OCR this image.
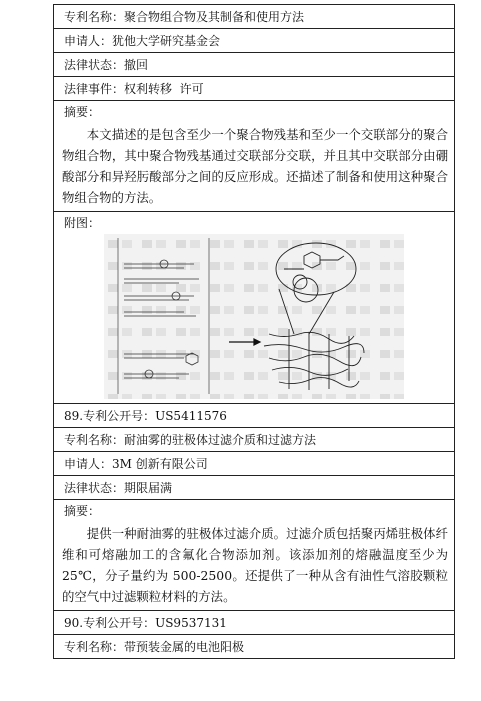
专利名称： 聚合物组合物及其制备和使用方法
申请人： 犹他大学研究基金会
法律状态： 撤回
法律事件： 权利转移  许可
摘要：

本文描述的是包含至少一个聚合物残基和至少一个交联部分的聚合物组合物，其中聚合物残基通过交联部分交联，并且其中交联部分由硼酸部分和异羟肟酸部分之间的反应形成。还描述了制备和使用这种聚合物组合物的方法。

附图：
89.专利公开号： US5411576
专利名称： 耐油雾的驻极体过滤介质和过滤方法
申请人： 3M 创新有限公司
法律状态： 期限届满
摘要：

提供一种耐油雾的驻极体过滤介质。过滤介质包括聚丙烯驻极体纤维和可熔融加工的含氟化合物添加剂。该添加剂的熔融温度至少为 25℃，分子量约为 500-2500。还提供了一种从含有油性气溶胶颗粒的空气中过滤颗粒材料的方法。

90.专利公开号： US9537131
专利名称： 带预装金属的电池阳极
